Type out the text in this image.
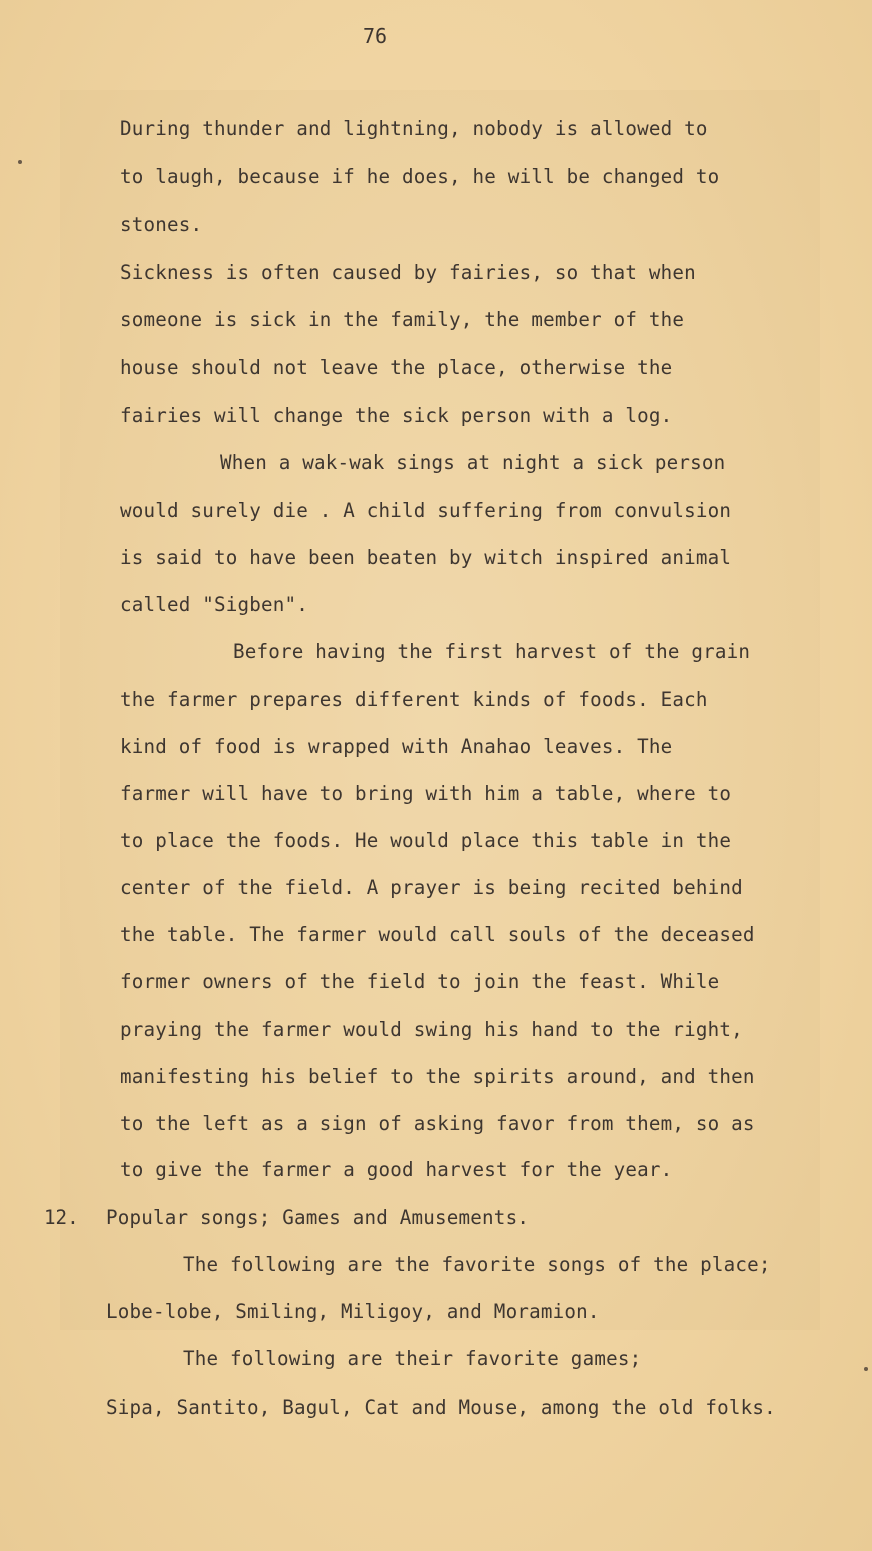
76
During thunder and lightning, nobody is allowed to
to laugh, because if he does, he will be changed to
stones.
Sickness is often caused by fairies, so that when
someone is sick in the family, the member of the
house should not leave the place, otherwise the
fairies will change the sick person with a log.
When a wak-wak sings at night a sick person
would surely die . A child suffering from convulsion
is said to have been beaten by witch inspired animal
called "Sigben".
Before having the first harvest of the grain
the farmer prepares different kinds of foods. Each
kind of food is wrapped with Anahao leaves. The
farmer will have to bring with him a table, where to
to place the foods. He would place this table in the
center of the field. A prayer is being recited behind
the table. The farmer would call souls of the deceased
former owners of the field to join the feast. While
praying the farmer would swing his hand to the right,
manifesting his belief to the spirits around, and then
to the left as a sign of asking favor from them, so as
to give the farmer a good harvest for the year.
12. Popular songs; Games and Amusements.
The following are the favorite songs of the place;
Lobe-lobe, Smiling, Miligoy, and Moramion.
The following are their favorite games;
Sipa, Santito, Bagul, Cat and Mouse, among the old folks.
